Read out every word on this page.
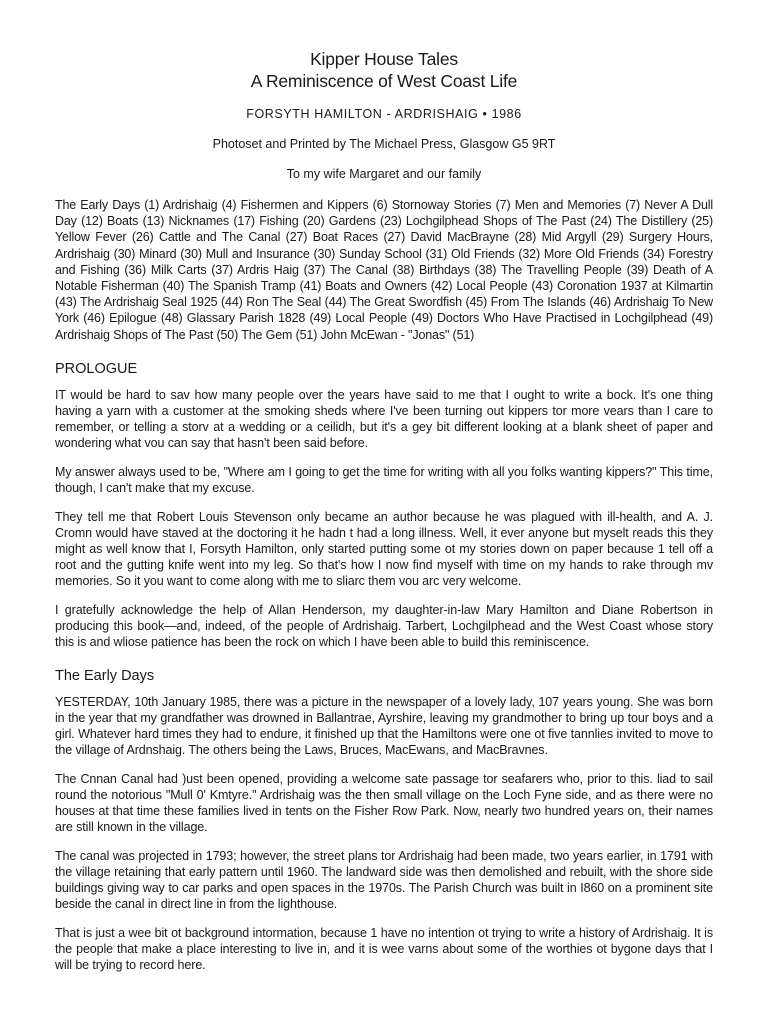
Kipper House Tales
A Reminiscence of West Coast Life
FORSYTH HAMILTON - ARDRISHAIG • 1986
Photoset and Printed by The Michael Press, Glasgow G5 9RT
To my wife Margaret and our family
The Early Days (1) Ardrishaig (4) Fishermen and Kippers (6) Stornoway Stories (7) Men and Memories (7) Never A Dull Day (12) Boats (13) Nicknames (17) Fishing (20) Gardens (23) Lochgilphead Shops of The Past (24) The Distillery (25) Yellow Fever (26) Cattle and The Canal (27) Boat Races (27) David MacBrayne (28) Mid Argyll (29) Surgery Hours, Ardrishaig (30) Minard (30) Mull and Insurance (30) Sunday School (31) Old Friends (32) More Old Friends (34) Forestry and Fishing (36) Milk Carts (37) Ardris Haig (37) The Canal (38) Birthdays (38) The Travelling People (39) Death of A Notable Fisherman (40) The Spanish Tramp (41) Boats and Owners (42) Local People (43) Coronation 1937 at Kilmartin (43) The Ardrishaig Seal 1925 (44) Ron The Seal (44) The Great Swordfish (45) From The Islands (46) Ardrishaig To New York (46) Epilogue (48) Glassary Parish 1828 (49) Local People (49) Doctors Who Have Practised in Lochgilphead (49) Ardrishaig Shops of The Past (50) The Gem (51) John McEwan - "Jonas" (51)
PROLOGUE

IT would be hard to sav how many people over the years have said to me that I ought to write a bock. It's one thing having a yarn with a customer at the smoking sheds where I've been turning out kippers tor more vears than I care to remember, or telling a storv at a wedding or a ceilidh, but it's a gey bit different looking at a blank sheet of paper and wondering what vou can say that hasn't been said before.

My answer always used to be, "Where am I going to get the time for writing with all you folks wanting kippers?" This time, though, I can't make that my excuse.

They tell me that Robert Louis Stevenson only became an author because he was plagued with ill-health, and A. J. Cromn would have staved at the doctoring it he hadn t had a long illness. Well, it ever anyone but myselt reads this they might as well know that I, Forsyth Hamilton, only started putting some ot my stories down on paper because 1 tell off a root and the gutting knife went into my leg. So that's how I now find myself with time on my hands to rake through mv memories. So it you want to come along with me to sliarc them vou arc very welcome.

I gratefully acknowledge the help of Allan Henderson, my daughter-in-law Mary Hamilton and Diane Robertson in producing this book—and, indeed, of the people of Ardrishaig. Tarbert, Lochgilphead and the West Coast whose story this is and wliose patience has been the rock on which I have been able to build this reminiscence.

The Early Days

YESTERDAY, 10th January 1985, there was a picture in the newspaper of a lovely lady, 107 years young. She was born in the year that my grandfather was drowned in Ballantrae, Ayrshire, leaving my grandmother to bring up tour boys and a girl. Whatever hard times they had to endure, it finished up that the Hamiltons were one ot five tannlies invited to move to the village of Ardnshaig. The others being the Laws, Bruces, MacEwans, and MacBravnes.

The Cnnan Canal had )ust been opened, providing a welcome sate passage tor seafarers who, prior to this. liad to sail round the notorious "Mull 0' Kmtyre." Ardrishaig was the then small village on the Loch Fyne side, and as there were no houses at that time these families lived in tents on the Fisher Row Park. Now, nearly two hundred years on, their names are still known in the village.

The canal was projected in 1793; however, the street plans tor Ardrishaig had been made, two years earlier, in 1791 with the village retaining that early pattern until 1960. The landward side was then demolished and rebuilt, with the shore side buildings giving way to car parks and open spaces in the 1970s. The Parish Church was built in I860 on a prominent site beside the canal in direct line in from the lighthouse.

That is just a wee bit ot background intormation, because 1 have no intention ot trying to write a history of Ardrishaig. It is the people that make a place interesting to live in, and it is wee varns about some of the worthies ot bygone days that I will be trying to record here.
